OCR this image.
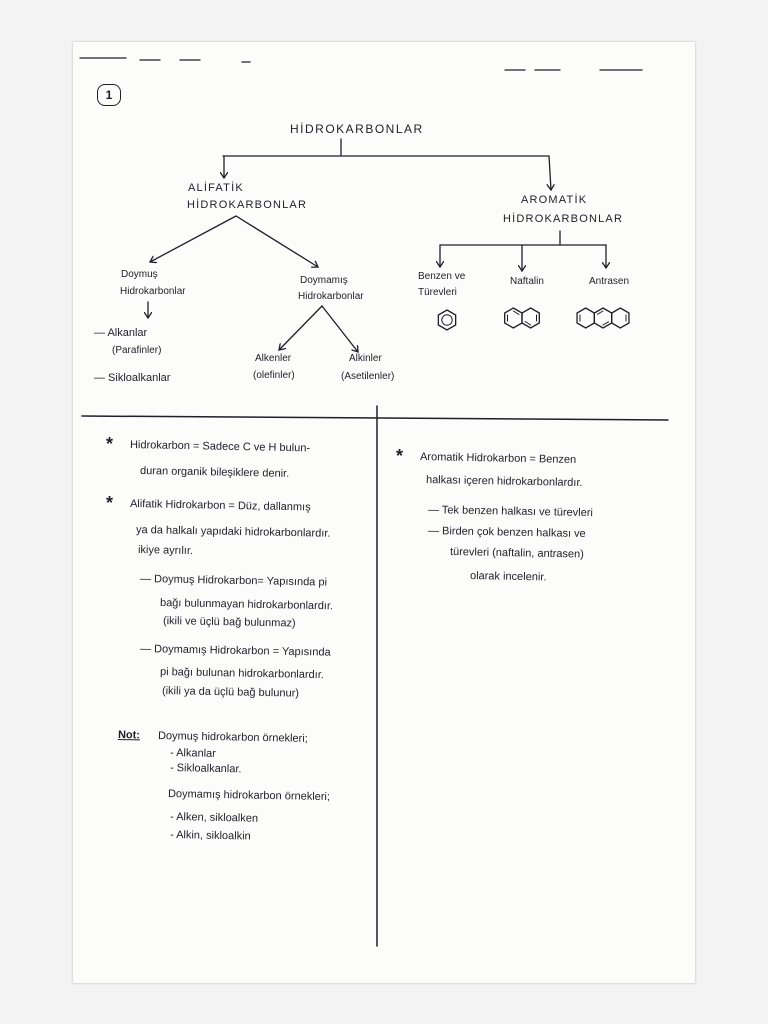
1
HİDROKARBONLAR
ALİFATİK
HİDROKARBONLAR	AROMATİK
HİDROKARBONLAR
Doymuş
Hidrokarbonlar
Doymamış
Hidrokarbonlar
— Alkanlar
(Parafinler)
— Sikloalkanlar
Alkenler
(olefinler)
Alkinler
(Asetilenler)
Benzen ve
Türevleri
Naftalin	Antrasen
* Hidrokarbon = Sadece C ve H bulun-
duran organik bileşiklere denir.
* Alifatik Hidrokarbon = Düz, dallanmış
ya da halkalı yapıdaki hidrokarbonlardır.
ikiye ayrılır.
— Doymuş Hidrokarbon= Yapısında pi
bağı bulunmayan hidrokarbonlardır.
(ikili ve üçlü bağ bulunmaz)
— Doymamış Hidrokarbon = Yapısında
pi bağı bulunan hidrokarbonlardır.
(ikili ya da üçlü bağ bulunur)
Not: Doymuş hidrokarbon örnekleri;
- Alkanlar
- Sikloalkanlar.
Doymamış hidrokarbon örnekleri;
- Alken, sikloalken
- Alkin, sikloalkin
* Aromatik Hidrokarbon = Benzen
halkası içeren hidrokarbonlardır.
— Tek benzen halkası ve türevleri
— Birden çok benzen halkası ve
türevleri (naftalin, antrasen)
olarak incelenir.
